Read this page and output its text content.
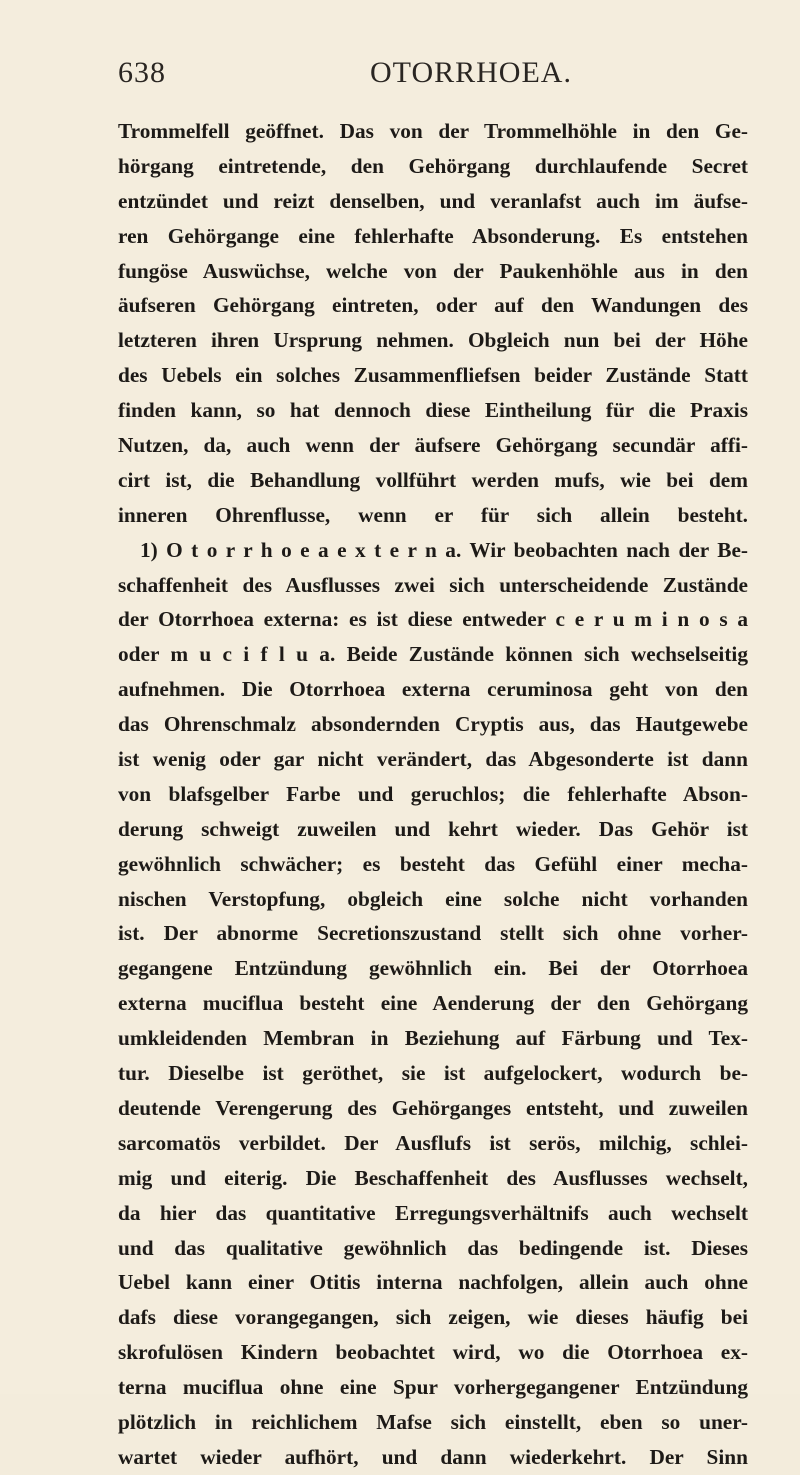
638	OTORRHOEA.
Trommelfell geöffnet. Das von der Trommelhöhle in den Ge-
hörgang eintretende, den Gehörgang durchlaufende Secret
entzündet und reizt denselben, und veranlafst auch im äufse-
ren Gehörgange eine fehlerhafte Absonderung. Es entstehen
fungöse Auswüchse, welche von der Paukenhöhle aus in den
äufseren Gehörgang eintreten, oder auf den Wandungen des
letzteren ihren Ursprung nehmen. Obgleich nun bei der Höhe
des Uebels ein solches Zusammenfliefsen beider Zustände Statt
finden kann, so hat dennoch diese Eintheilung für die Praxis
Nutzen, da, auch wenn der äufsere Gehörgang secundär affi-
cirt ist, die Behandlung vollführt werden mufs, wie bei dem
inneren Ohrenflusse, wenn er für sich allein besteht.
1) O t o r r h o e a e x t e r n a. Wir beobachten nach der Be-
schaffenheit des Ausflusses zwei sich unterscheidende Zustände
der Otorrhoea externa: es ist diese entweder c e r u m i n o s a
oder m u c i f l u a. Beide Zustände können sich wechselseitig
aufnehmen. Die Otorrhoea externa ceruminosa geht von den
das Ohrenschmalz absondernden Cryptis aus, das Hautgewebe
ist wenig oder gar nicht verändert, das Abgesonderte ist dann
von blafsgelber Farbe und geruchlos; die fehlerhafte Abson-
derung schweigt zuweilen und kehrt wieder. Das Gehör ist
gewöhnlich schwächer; es besteht das Gefühl einer mecha-
nischen Verstopfung, obgleich eine solche nicht vorhanden
ist. Der abnorme Secretionszustand stellt sich ohne vorher-
gegangene Entzündung gewöhnlich ein. Bei der Otorrhoea
externa muciflua besteht eine Aenderung der den Gehörgang
umkleidenden Membran in Beziehung auf Färbung und Tex-
tur. Dieselbe ist geröthet, sie ist aufgelockert, wodurch be-
deutende Verengerung des Gehörganges entsteht, und zuweilen
sarcomatös verbildet. Der Ausflufs ist serös, milchig, schlei-
mig und eiterig. Die Beschaffenheit des Ausflusses wechselt,
da hier das quantitative Erregungsverhältnifs auch wechselt
und das qualitative gewöhnlich das bedingende ist. Dieses
Uebel kann einer Otitis interna nachfolgen, allein auch ohne
dafs diese vorangegangen, sich zeigen, wie dieses häufig bei
skrofulösen Kindern beobachtet wird, wo die Otorrhoea ex-
terna muciflua ohne eine Spur vorhergegangener Entzündung
plötzlich in reichlichem Mafse sich einstellt, eben so uner-
wartet wieder aufhört, und dann wiederkehrt. Der Sinn
